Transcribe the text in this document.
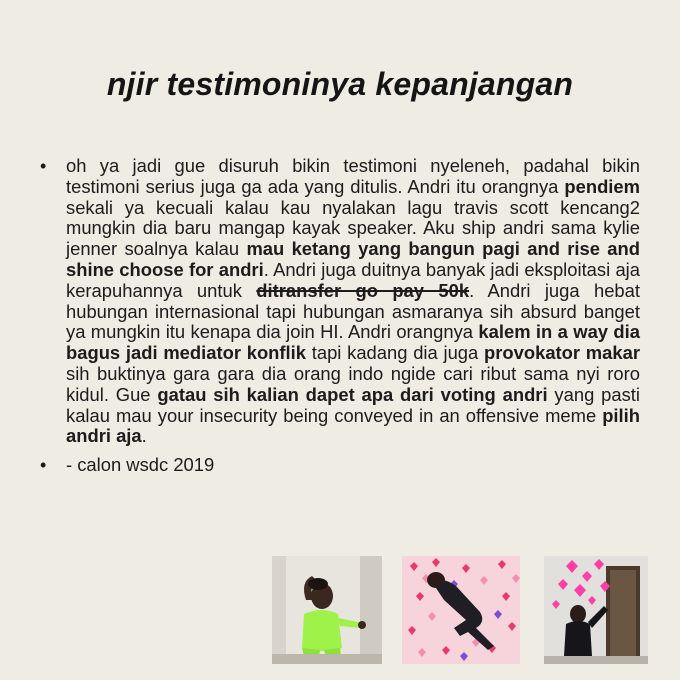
njir testimoninya kepanjangan
•	oh ya jadi gue disuruh bikin testimoni nyeleneh, padahal bikin testimoni serius juga ga ada yang ditulis. Andri itu orangnya pendiem sekali ya kecuali kalau kau nyalakan lagu travis scott kencang2 mungkin dia baru mangap kayak speaker. Aku ship andri sama kylie jenner soalnya kalau mau ketang yang bangun pagi and rise and shine choose for andri. Andri juga duitnya banyak jadi eksploitasi aja kerapuhannya untuk ditransfer go pay 50k. Andri juga hebat hubungan internasional tapi hubungan asmaranya sih absurd banget ya mungkin itu kenapa dia join HI. Andri orangnya kalem in a way dia bagus jadi mediator konflik tapi kadang dia juga provokator makar sih buktinya gara gara dia orang indo ngide cari ribut sama nyi roro kidul. Gue gatau sih kalian dapet apa dari voting andri yang pasti kalau mau your insecurity being conveyed in an offensive meme pilih andri aja.
•	- calon wsdc 2019
